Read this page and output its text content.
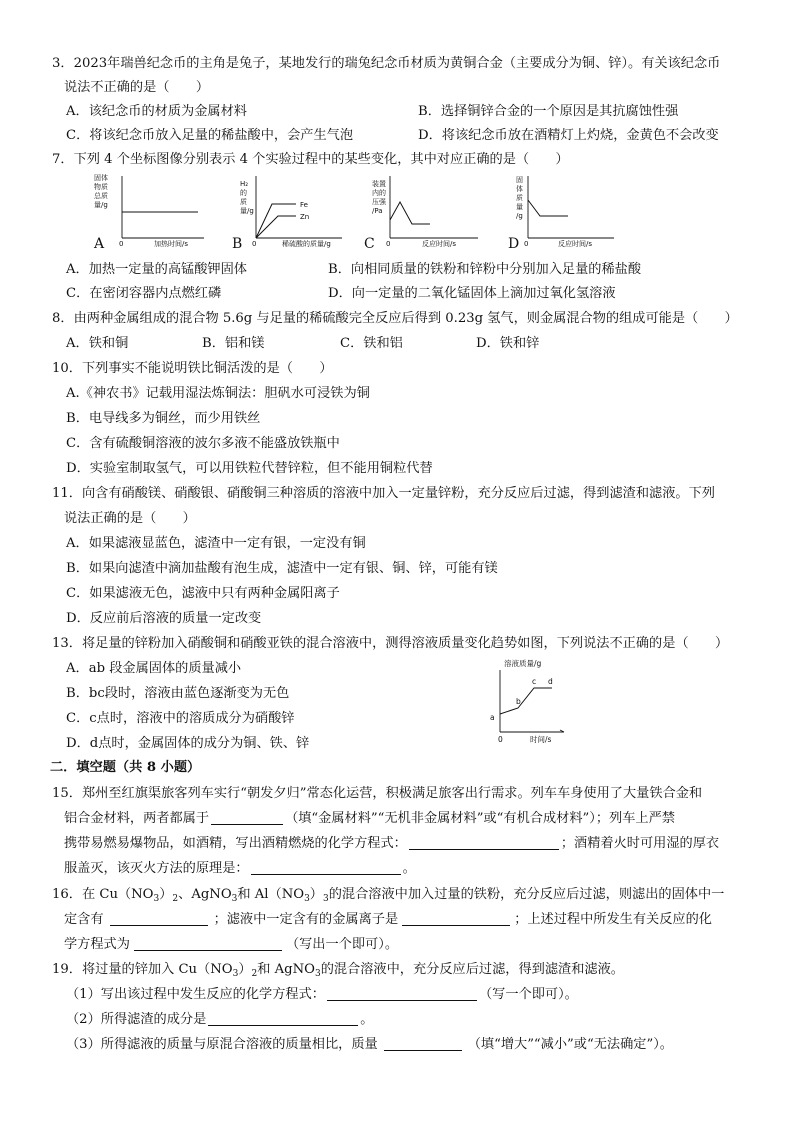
3．2023年瑞兽纪念币的主角是兔子，某地发行的瑞兔纪念币材质为黄铜合金（主要成分为铜、锌）。有关该纪念币
说法不正确的是（　　）
A．该纪念币的材质为金属材料	B．选择铜锌合金的一个原因是其抗腐蚀性强
C．将该纪念币放入足量的稀盐酸中，会产生气泡	D．将该纪念币放在酒精灯上灼烧，金黄色不会改变
7．下列 4 个坐标图像分别表示 4 个实验过程中的某些变化，其中对应正确的是（　　）
固体
物质
总质
量/g
0	加热时间/s
A
H₂
的
质
量/g
0	稀硫酸的质量/g
Fe
Zn
B
装置
内的
压强
/Pa
0	反应时间/s
C
固
体
质
量
/g
0	反应时间/s
D
A．加热一定量的高锰酸钾固体	B．向相同质量的铁粉和锌粉中分别加入足量的稀盐酸
C．在密闭容器内点燃红磷	D．向一定量的二氧化锰固体上滴加过氧化氢溶液
8．由两种金属组成的混合物 5.6g 与足量的稀硫酸完全反应后得到 0.23g 氢气，则金属混合物的组成可能是（　　）
A．铁和铜	B．铝和镁	C．铁和铝	D．铁和锌
10．下列事实不能说明铁比铜活泼的是（　　）
A.《神农书》记载用湿法炼铜法：胆矾水可浸铁为铜
B．电导线多为铜丝，而少用铁丝
C．含有硫酸铜溶液的波尔多液不能盛放铁瓶中
D．实验室制取氢气，可以用铁粒代替锌粒，但不能用铜粒代替
11．向含有硝酸镁、硝酸银、硝酸铜三种溶质的溶液中加入一定量锌粉，充分反应后过滤，得到滤渣和滤液。下列
说法正确的是（　　）
A．如果滤液显蓝色，滤渣中一定有银，一定没有铜
B．如果向滤渣中滴加盐酸有泡生成，滤渣中一定有银、铜、锌，可能有镁
C．如果滤液无色，滤液中只有两种金属阳离子
D．反应前后溶液的质量一定改变
13．将足量的锌粉加入硝酸铜和硝酸亚铁的混合溶液中，测得溶液质量变化趋势如图，下列说法不正确的是（　　）
A．ab 段金属固体的质量减小
B．bc段时，溶液由蓝色逐渐变为无色
C．c点时，溶液中的溶质成分为硝酸锌
D．d点时，金属固体的成分为铜、铁、锌
溶液质量/g
0	时间/s
a
b
c d
二．填空题（共 8 小题）
15．郑州至红旗渠旅客列车实行“朝发夕归”常态化运营，积极满足旅客出行需求。列车车身使用了大量铁合金和
铝合金材料，两者都属于	（填“金属材料”“无机非金属材料”或“有机合成材料”）；列车上严禁
携带易燃易爆物品，如酒精，写出酒精燃烧的化学方程式：	；酒精着火时可用湿的厚衣
服盖灭，该灭火方法的原理是：	。
16．在 $Cu(NO_3)_2$、AgNO$_3$和 $Al(NO_3)_3$的混合溶液中加入过量的铁粉，充分反应后过滤，则滤出的固体中一
定含有	；滤液中一定含有的金属离子是	；上述过程中所发生有关反应的化
学方程式为	（写出一个即可）。
19．将过量的锌加入 $Cu(NO_3)_2$和 AgNO$_3$的混合溶液中，充分反应后过滤，得到滤渣和滤液。
（1）写出该过程中发生反应的化学方程式：	（写一个即可）。
（2）所得滤渣的成分是	。
（3）所得滤液的质量与原混合溶液的质量相比，质量	（填“增大”“减小”或“无法确定”）。
